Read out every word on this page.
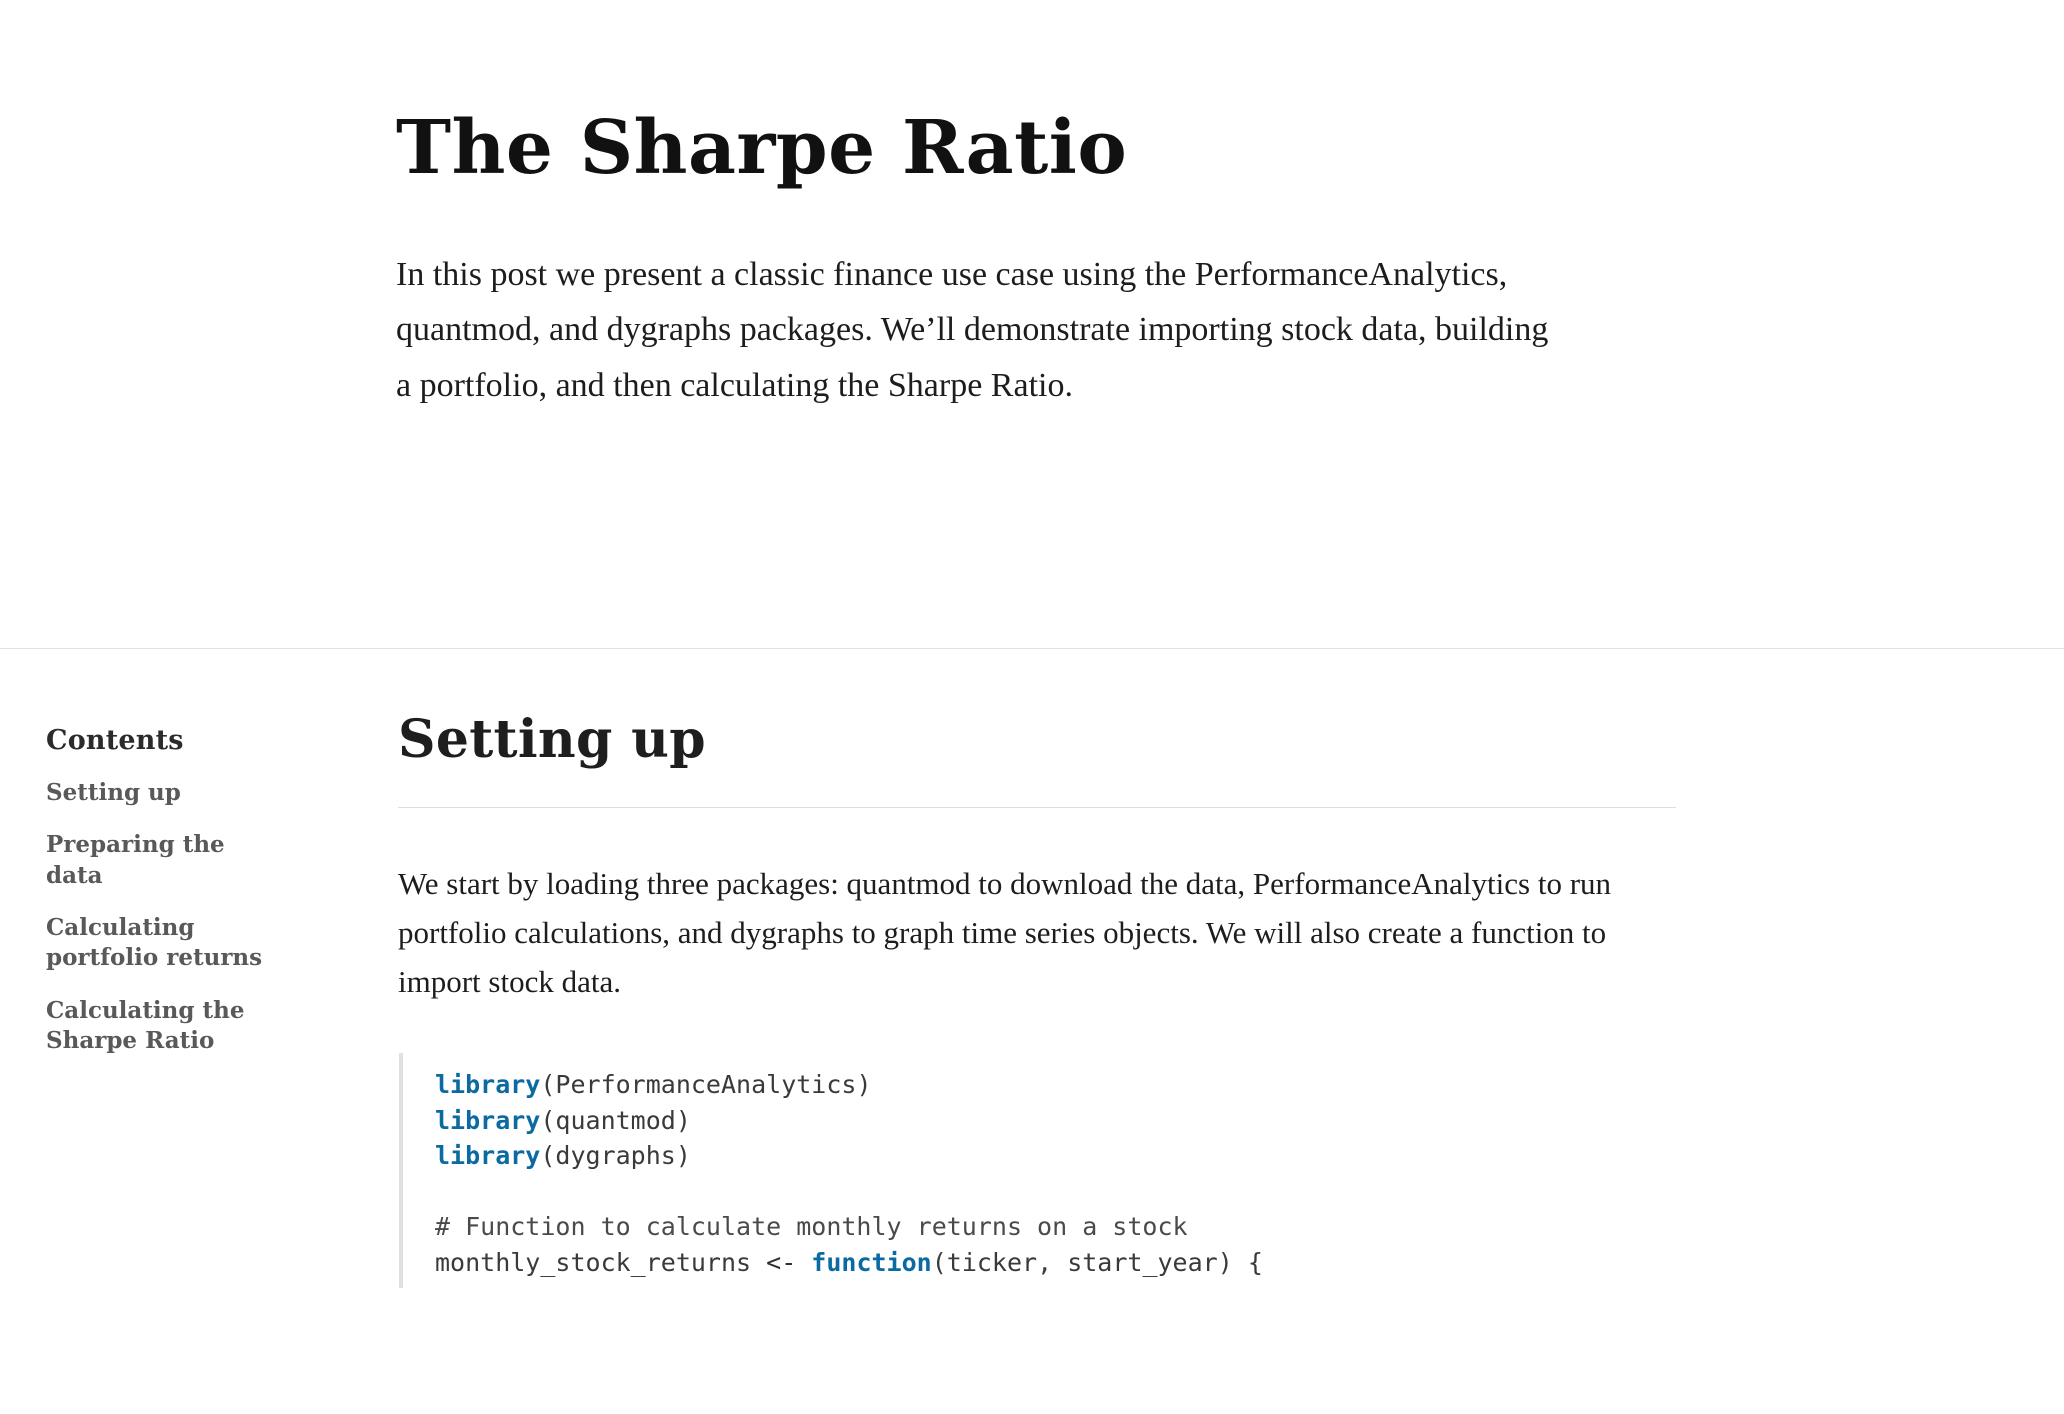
The Sharpe Ratio

In this post we present a classic finance use case using the PerformanceAnalytics, quantmod, and dygraphs packages. We’ll demonstrate importing stock data, building a portfolio, and then calculating the Sharpe Ratio.

Contents
Setting up
Preparing the data
Calculating portfolio returns
Calculating the Sharpe Ratio
Setting up

We start by loading three packages: quantmod to download the data, PerformanceAnalytics to run portfolio calculations, and dygraphs to graph time series objects. We will also create a function to import stock data.

library(PerformanceAnalytics)
library(quantmod)
library(dygraphs)

# Function to calculate monthly returns on a stock
monthly_stock_returns <- function(ticker, start_year) {
